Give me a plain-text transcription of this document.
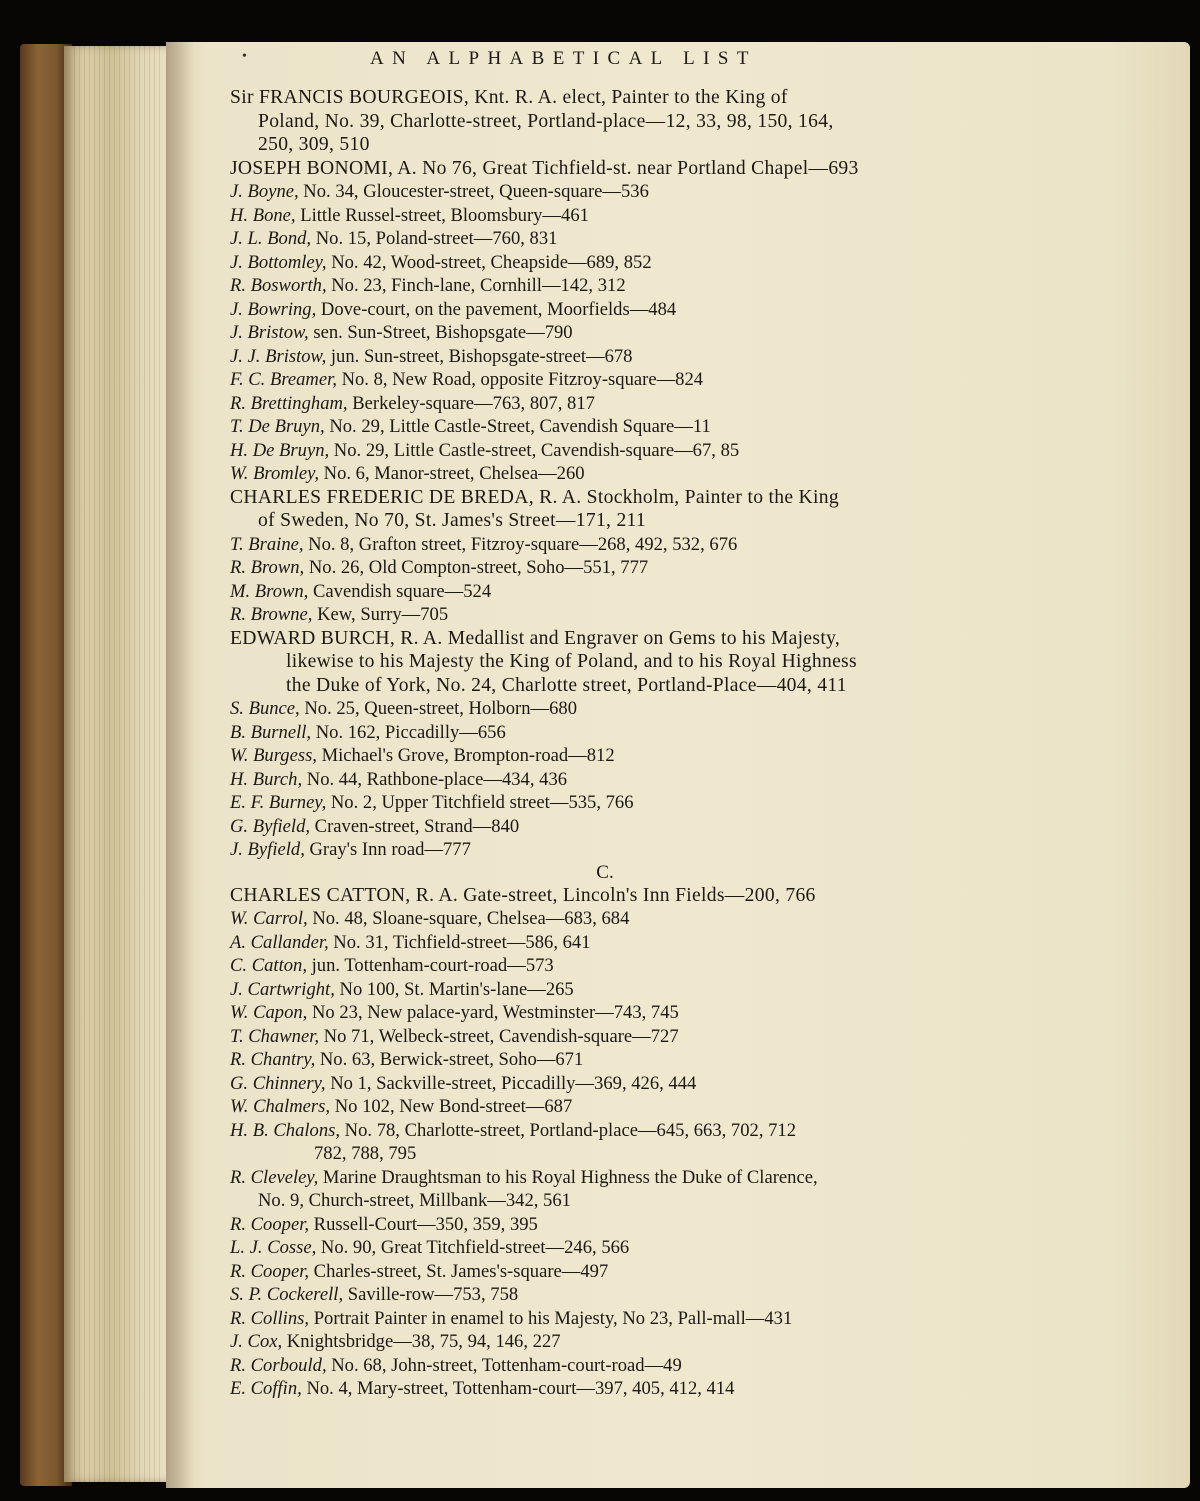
•	AN ALPHABETICAL LIST
Sir FRANCIS BOURGEOIS, Knt. R. A. elect, Painter to the King of
Poland, No. 39, Charlotte-street, Portland-place—12, 33, 98, 150, 164,
250, 309, 510
JOSEPH BONOMI, A. No 76, Great Tichfield-st. near Portland Chapel—693
J. Boyne, No. 34, Gloucester-street, Queen-square—536
H. Bone, Little Russel-street, Bloomsbury—461
J. L. Bond, No. 15, Poland-street—760, 831
J. Bottomley, No. 42, Wood-street, Cheapside—689, 852
R. Bosworth, No. 23, Finch-lane, Cornhill—142, 312
J. Bowring, Dove-court, on the pavement, Moorfields—484
J. Bristow, sen. Sun-Street, Bishopsgate—790
J. J. Bristow, jun. Sun-street, Bishopsgate-street—678
F. C. Breamer, No. 8, New Road, opposite Fitzroy-square—824
R. Brettingham, Berkeley-square—763, 807, 817
T. De Bruyn, No. 29, Little Castle-Street, Cavendish Square—11
H. De Bruyn, No. 29, Little Castle-street, Cavendish-square—67, 85
W. Bromley, No. 6, Manor-street, Chelsea—260
CHARLES FREDERIC DE BREDA, R. A. Stockholm, Painter to the King
of Sweden, No 70, St. James's Street—171, 211
T. Braine, No. 8, Grafton street, Fitzroy-square—268, 492, 532, 676
R. Brown, No. 26, Old Compton-street, Soho—551, 777
M. Brown, Cavendish square—524
R. Browne, Kew, Surry—705
EDWARD BURCH, R. A. Medallist and Engraver on Gems to his Majesty,
likewise to his Majesty the King of Poland, and to his Royal Highness
the Duke of York, No. 24, Charlotte street, Portland-Place—404, 411
S. Bunce, No. 25, Queen-street, Holborn—680
B. Burnell, No. 162, Piccadilly—656
W. Burgess, Michael's Grove, Brompton-road—812
H. Burch, No. 44, Rathbone-place—434, 436
E. F. Burney, No. 2, Upper Titchfield street—535, 766
G. Byfield, Craven-street, Strand—840
J. Byfield, Gray's Inn road—777
C.
CHARLES CATTON, R. A. Gate-street, Lincoln's Inn Fields—200, 766
W. Carrol, No. 48, Sloane-square, Chelsea—683, 684
A. Callander, No. 31, Tichfield-street—586, 641
C. Catton, jun. Tottenham-court-road—573
J. Cartwright, No 100, St. Martin's-lane—265
W. Capon, No 23, New palace-yard, Westminster—743, 745
T. Chawner, No 71, Welbeck-street, Cavendish-square—727
R. Chantry, No. 63, Berwick-street, Soho—671
G. Chinnery, No 1, Sackville-street, Piccadilly—369, 426, 444
W. Chalmers, No 102, New Bond-street—687
H. B. Chalons, No. 78, Charlotte-street, Portland-place—645, 663, 702, 712
782, 788, 795
R. Cleveley, Marine Draughtsman to his Royal Highness the Duke of Clarence,
No. 9, Church-street, Millbank—342, 561
R. Cooper, Russell-Court—350, 359, 395
L. J. Cosse, No. 90, Great Titchfield-street—246, 566
R. Cooper, Charles-street, St. James's-square—497
S. P. Cockerell, Saville-row—753, 758
R. Collins, Portrait Painter in enamel to his Majesty, No 23, Pall-mall—431
J. Cox, Knightsbridge—38, 75, 94, 146, 227
R. Corbould, No. 68, John-street, Tottenham-court-road—49
E. Coffin, No. 4, Mary-street, Tottenham-court—397, 405, 412, 414
